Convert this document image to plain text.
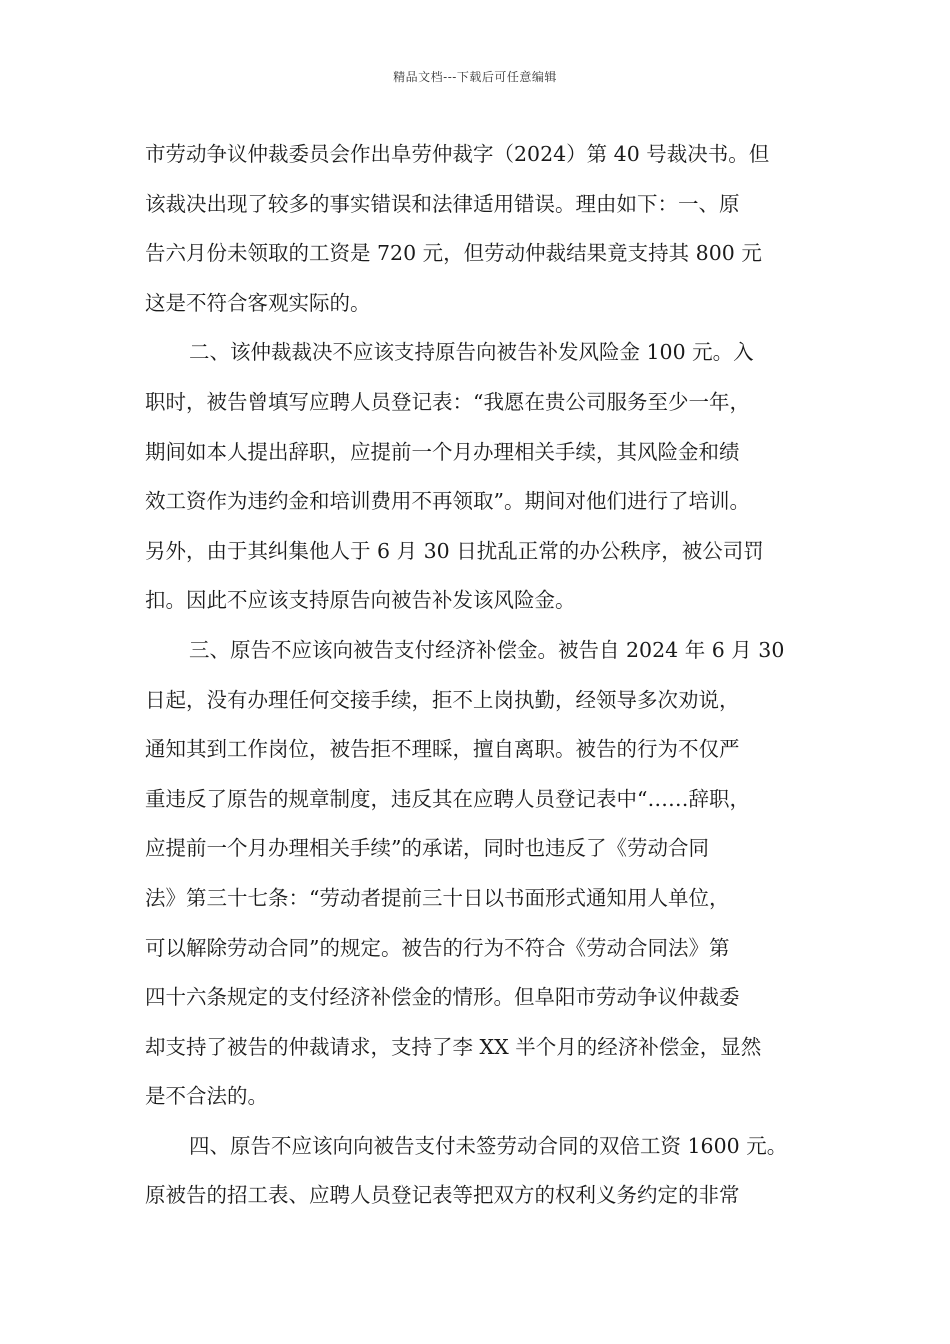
精品文档---下载后可任意编辑
市劳动争议仲裁委员会作出阜劳仲裁字（2024）第 40 号裁决书。但
该裁决出现了较多的事实错误和法律适用错误。理由如下：一、原
告六月份未领取的工资是 720 元，但劳动仲裁结果竟支持其 800 元
这是不符合客观实际的。
二、该仲裁裁决不应该支持原告向被告补发风险金 100 元。入
职时，被告曾填写应聘人员登记表：“我愿在贵公司服务至少一年，
期间如本人提出辞职，应提前一个月办理相关手续，其风险金和绩
效工资作为违约金和培训费用不再领取”。期间对他们进行了培训。
另外，由于其纠集他人于 6 月 30 日扰乱正常的办公秩序，被公司罚
扣。因此不应该支持原告向被告补发该风险金。
三、原告不应该向被告支付经济补偿金。被告自 2024 年 6 月 30
日起，没有办理任何交接手续，拒不上岗执勤，经领导多次劝说，
通知其到工作岗位，被告拒不理睬，擅自离职。被告的行为不仅严
重违反了原告的规章制度，违反其在应聘人员登记表中“……辞职，
应提前一个月办理相关手续”的承诺，同时也违反了《劳动合同
法》第三十七条：“劳动者提前三十日以书面形式通知用人单位，
可以解除劳动合同”的规定。被告的行为不符合《劳动合同法》第
四十六条规定的支付经济补偿金的情形。但阜阳市劳动争议仲裁委
却支持了被告的仲裁请求，支持了李 XX 半个月的经济补偿金，显然
是不合法的。
四、原告不应该向向被告支付未签劳动合同的双倍工资 1600 元。
原被告的招工表、应聘人员登记表等把双方的权利义务约定的非常
